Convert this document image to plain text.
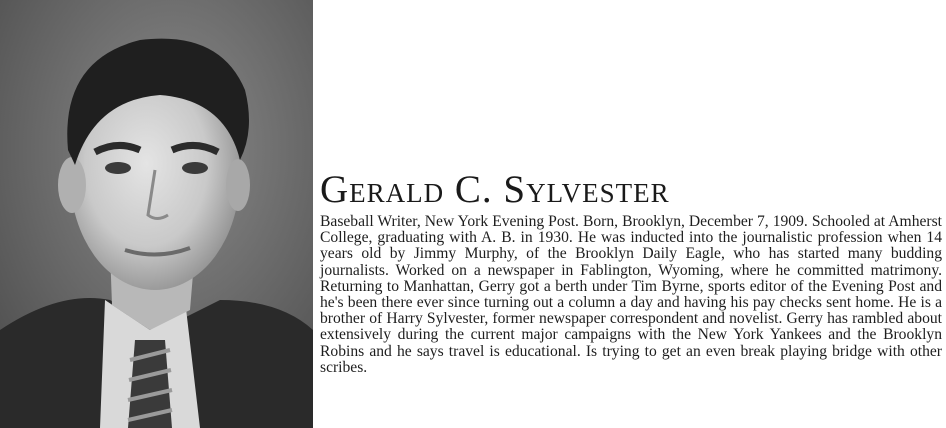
Gerald C. Sylvester

Baseball Writer, New York Evening Post. Born, Brooklyn, December 7, 1909. Schooled at Amherst College, graduating with A. B. in 1930. He was inducted into the journalistic profession when 14 years old by Jimmy Murphy, of the Brooklyn Daily Eagle, who has started many budding journalists. Worked on a newspaper in Fablington, Wyoming, where he committed matrimony. Returning to Manhattan, Gerry got a berth under Tim Byrne, sports editor of the Evening Post and he's been there ever since turning out a column a day and having his pay checks sent home. He is a brother of Harry Sylvester, former newspaper correspondent and novelist. Gerry has rambled about extensively during the current major campaigns with the New York Yankees and the Brooklyn Robins and he says travel is educational. Is trying to get an even break playing bridge with other scribes.
